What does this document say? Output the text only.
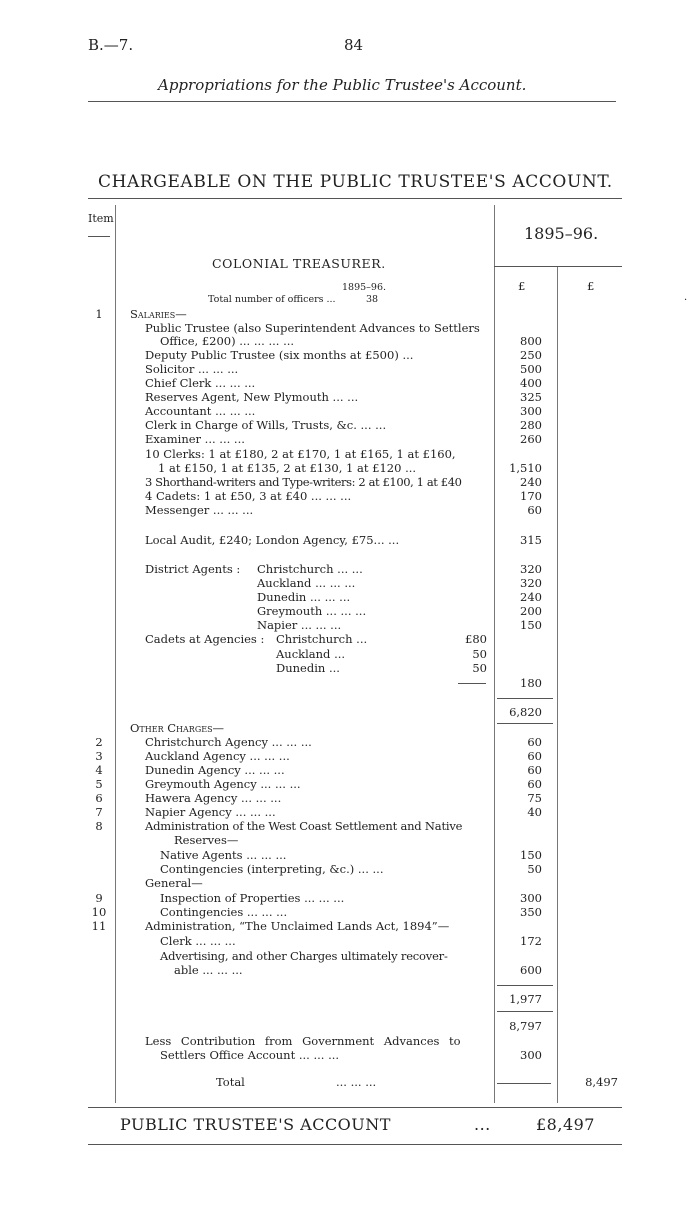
B.—7.	84
Appropriations for the Public Trustee's Account.
CHARGEABLE ON THE PUBLIC TRUSTEE'S ACCOUNT.
Item
1895–96.
£	£
COLONIAL TREASURER.
1895–96.
Total number of officers ...	38
1	Salaries—
Public Trustee (also Superintendent Advances to Settlers
Office, £200) ... ... ... ...	800
Deputy Public Trustee (six months at £500) ...	250
Solicitor ... ... ...	500
Chief Clerk ... ... ...	400
Reserves Agent, New Plymouth ... ...	325
Accountant ... ... ...	300
Clerk in Charge of Wills, Trusts, &c. ... ...	280
Examiner ... ... ...	260
10 Clerks: 1 at £180, 2 at £170, 1 at £165, 1 at £160,
1 at £150, 1 at £135, 2 at £130, 1 at £120 ...	1,510
3 Shorthand-writers and Type-writers: 2 at £100, 1 at £40	240
4 Cadets: 1 at £50, 3 at £40 ... ... ...	170
Messenger ... ... ...	60
Local Audit, £240; London Agency, £75... ...	315
District Agents : Christchurch ... ...	320
Auckland ... ... ...	320
Dunedin ... ... ...	240
Greymouth ... ... ...	200
Napier ... ... ...	150
Cadets at Agencies : Christchurch ...	£80
Auckland ...	50
Dunedin ...	50
180
6,820
Other Charges—
2	Christchurch Agency ... ... ...	60
3	Auckland Agency ... ... ...	60
4	Dunedin Agency ... ... ...	60
5	Greymouth Agency ... ... ...	60
6	Hawera Agency ... ... ...	75
7	Napier Agency ... ... ...	40
8	Administration of the West Coast Settlement and Native
Reserves—
Native Agents ... ... ...	150
Contingencies (interpreting, &c.) ... ...	50
General—
9	Inspection of Properties ... ... ...	300
10	Contingencies ... ... ...	350
11	Administration, “The Unclaimed Lands Act, 1894”—
Clerk ... ... ...	172
Advertising, and other Charges ultimately recover-
able ... ... ...	600
1,977
8,797
Less Contribution from Government Advances to
Settlers Office Account ... ... ...	300
Total	... ... ...	8,497
PUBLIC TRUSTEE'S ACCOUNT	...	£8,497
·
